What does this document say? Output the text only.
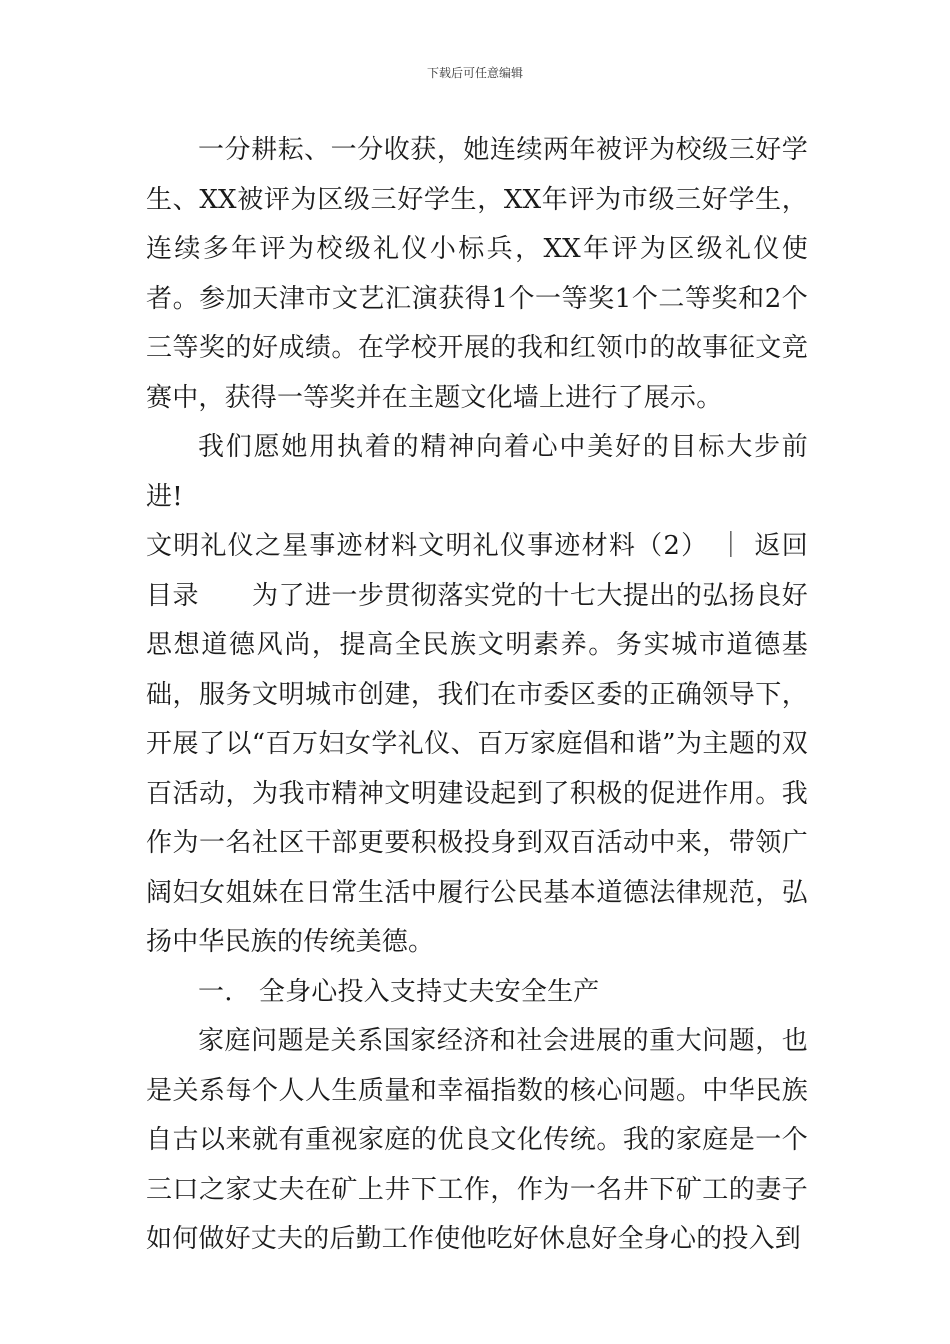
下载后可任意编辑

一分耕耘、一分收获，她连续两年被评为校级三好学生、XX被评为区级三好学生，XX年评为市级三好学生，连续多年评为校级礼仪小标兵，XX年评为区级礼仪使者。参加天津市文艺汇演获得1个一等奖1个二等奖和2个三等奖的好成绩。在学校开展的我和红领巾的故事征文竞赛中，获得一等奖并在主题文化墙上进行了展示。

我们愿她用执着的精神向着心中美好的目标大步前进!

文明礼仪之星事迹材料文明礼仪事迹材料（2） ｜ 返回目录　　为了进一步贯彻落实党的十七大提出的弘扬良好思想道德风尚，提高全民族文明素养。务实城市道德基础，服务文明城市创建，我们在市委区委的正确领导下，开展了以“百万妇女学礼仪、百万家庭倡和谐”为主题的双百活动，为我市精神文明建设起到了积极的促进作用。我作为一名社区干部更要积极投身到双百活动中来，带领广阔妇女姐妹在日常生活中履行公民基本道德法律规范，弘扬中华民族的传统美德。

一.　全身心投入支持丈夫安全生产

家庭问题是关系国家经济和社会进展的重大问题，也是关系每个人人生质量和幸福指数的核心问题。中华民族自古以来就有重视家庭的优良文化传统。我的家庭是一个三口之家丈夫在矿上井下工作，作为一名井下矿工的妻子如何做好丈夫的后勤工作使他吃好休息好全身心的投入到
